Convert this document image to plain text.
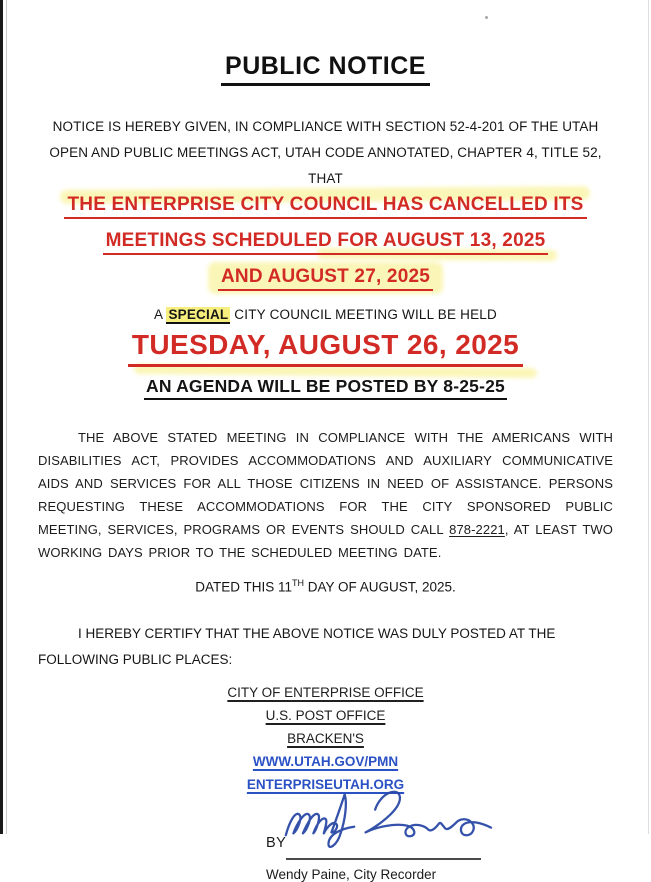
PUBLIC NOTICE

NOTICE IS HEREBY GIVEN, IN COMPLIANCE WITH SECTION 52-4-201 OF THE UTAH OPEN AND PUBLIC MEETINGS ACT, UTAH CODE ANNOTATED, CHAPTER 4, TITLE 52, THAT

THE ENTERPRISE CITY COUNCIL HAS CANCELLED ITS
MEETINGS SCHEDULED FOR AUGUST 13, 2025
AND AUGUST 27, 2025

A SPECIAL CITY COUNCIL MEETING WILL BE HELD

TUESDAY, AUGUST 26, 2025
AN AGENDA WILL BE POSTED BY 8-25-25

THE ABOVE STATED MEETING IN COMPLIANCE WITH THE AMERICANS WITH DISABILITIES ACT, PROVIDES ACCOMMODATIONS AND AUXILIARY COMMUNICATIVE AIDS AND SERVICES FOR ALL THOSE CITIZENS IN NEED OF ASSISTANCE. PERSONS REQUESTING THESE ACCOMMODATIONS FOR THE CITY SPONSORED PUBLIC MEETING, SERVICES, PROGRAMS OR EVENTS SHOULD CALL 878-2221, AT LEAST TWO WORKING DAYS PRIOR TO THE SCHEDULED MEETING DATE.

DATED THIS 11TH DAY OF AUGUST, 2025.

I HEREBY CERTIFY THAT THE ABOVE NOTICE WAS DULY POSTED AT THE FOLLOWING PUBLIC PLACES:

CITY OF ENTERPRISE OFFICE
U.S. POST OFFICE
BRACKEN'S
WWW.UTAH.GOV/PMN
ENTERPRISEUTAH.ORG
BY

Wendy Paine, City Recorder
